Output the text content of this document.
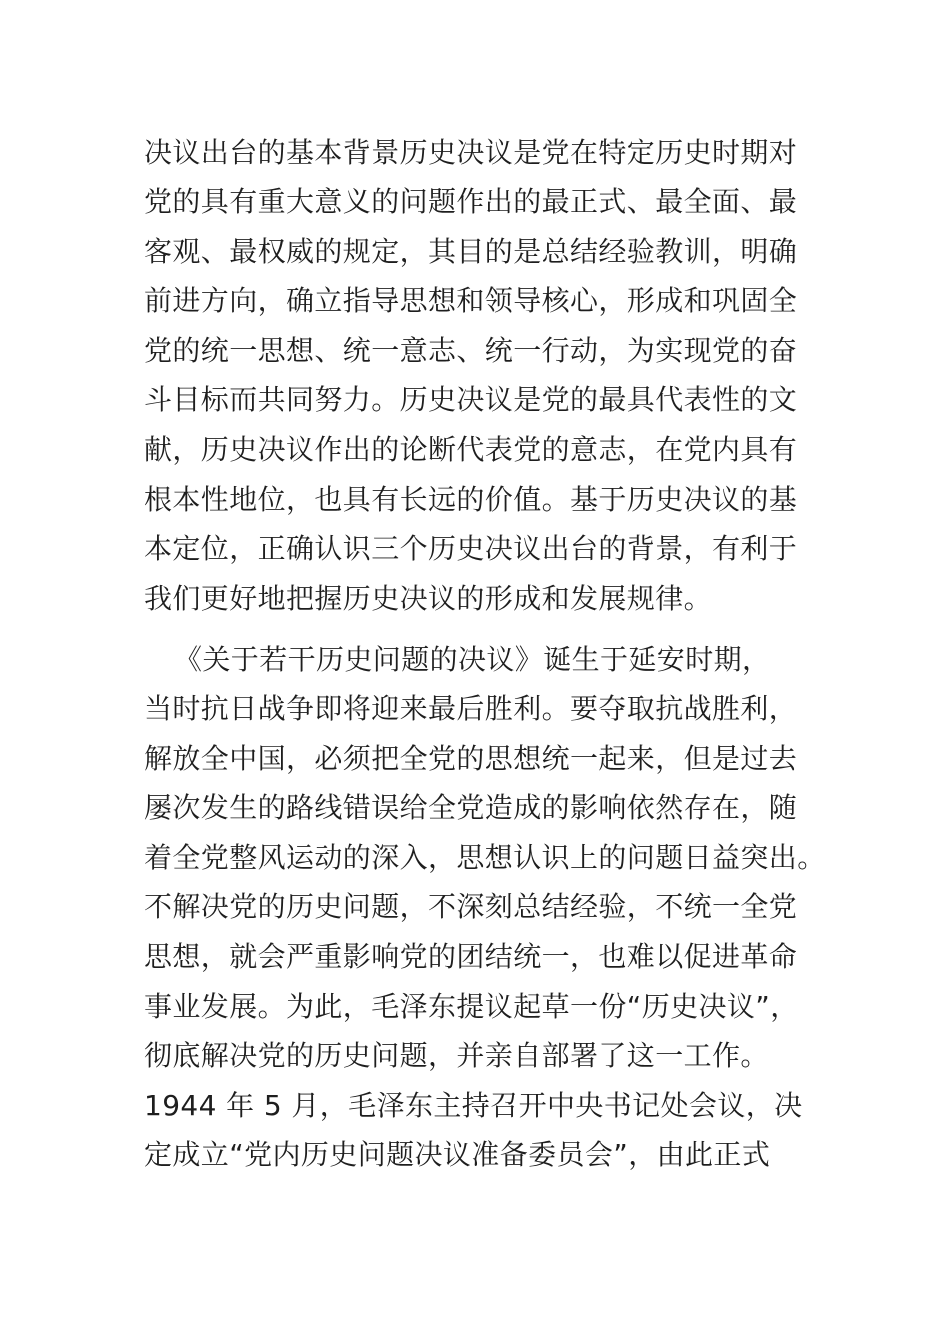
决议出台的基本背景历史决议是党在特定历史时期对
党的具有重大意义的问题作出的最正式、最全面、最
客观、最权威的规定，其目的是总结经验教训，明确
前进方向，确立指导思想和领导核心，形成和巩固全
党的统一思想、统一意志、统一行动，为实现党的奋
斗目标而共同努力。历史决议是党的最具代表性的文
献，历史决议作出的论断代表党的意志，在党内具有
根本性地位，也具有长远的价值。基于历史决议的基
本定位，正确认识三个历史决议出台的背景，有利于
我们更好地把握历史决议的形成和发展规律。
《关于若干历史问题的决议》诞生于延安时期，
当时抗日战争即将迎来最后胜利。要夺取抗战胜利，
解放全中国，必须把全党的思想统一起来，但是过去
屡次发生的路线错误给全党造成的影响依然存在，随
着全党整风运动的深入，思想认识上的问题日益突出。
不解决党的历史问题，不深刻总结经验，不统一全党
思想，就会严重影响党的团结统一，也难以促进革命
事业发展。为此，毛泽东提议起草一份“历史决议”，
彻底解决党的历史问题，并亲自部署了这一工作。
1944 年 5 月，毛泽东主持召开中央书记处会议，决
定成立“党内历史问题决议准备委员会”，由此正式
